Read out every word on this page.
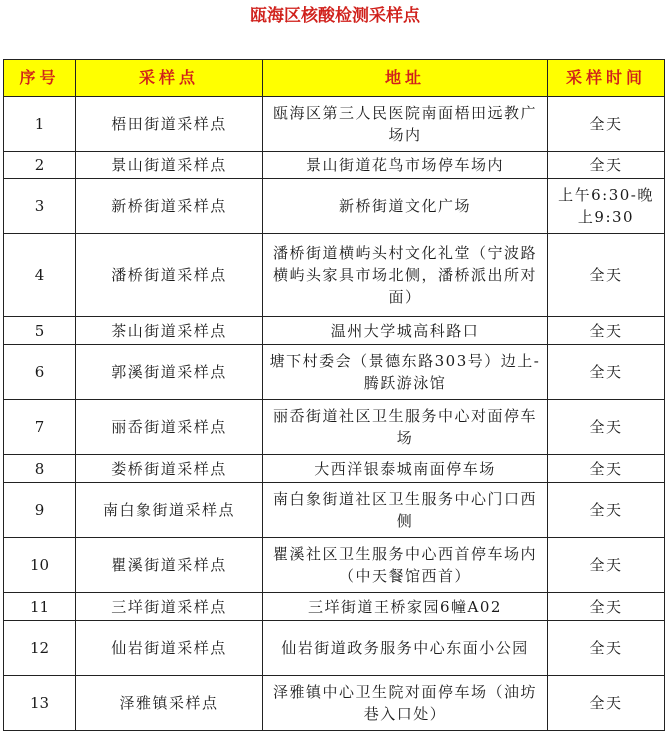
瓯海区核酸检测采样点
序号	采样点	地址	采样时间
1	梧田街道采样点	瓯海区第三人民医院南面梧田远教广场内	全天
2	景山街道采样点	景山街道花鸟市场停车场内	全天
3	新桥街道采样点	新桥街道文化广场	上午6:30-晚上9:30
4	潘桥街道采样点	潘桥街道横屿头村文化礼堂（宁波路横屿头家具市场北侧，潘桥派出所对面）	全天
5	茶山街道采样点	温州大学城高科路口	全天
6	郭溪街道采样点	塘下村委会（景德东路303号）边上-腾跃游泳馆	全天
7	丽岙街道采样点	丽岙街道社区卫生服务中心对面停车场	全天
8	娄桥街道采样点	大西洋银泰城南面停车场	全天
9	南白象街道采样点	南白象街道社区卫生服务中心门口西侧	全天
10	瞿溪街道采样点	瞿溪社区卫生服务中心西首停车场内（中天餐馆西首）	全天
11	三垟街道采样点	三垟街道王桥家园6幢A02	全天
12	仙岩街道采样点	仙岩街道政务服务中心东面小公园	全天
13	泽雅镇采样点	泽雅镇中心卫生院对面停车场（油坊巷入口处）	全天
